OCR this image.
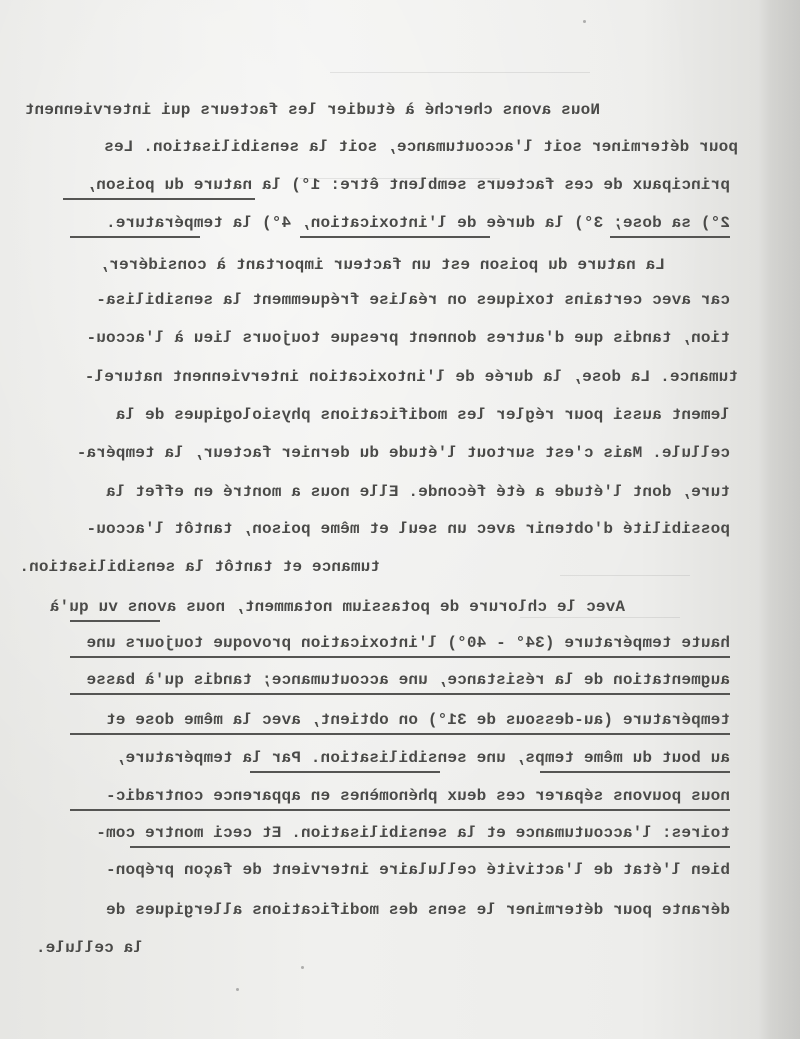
Nous avons cherché à étudier les facteurs qui interviennent

pour déterminer soit l'accoutumance, soit la sensibilisation. Les

principaux de ces facteurs semblent être: 1°) la nature du poison,

2°) sa dose; 3°) la durée de l'intoxication, 4°) la température.

La nature du poison est un facteur important à considérer,

car avec certains toxiques on réalise fréquemment la sensibilisa-

tion, tandis que d'autres donnent presque toujours lieu à l'accou-

tumance. La dose, la durée de l'intoxication interviennent naturel-

lement aussi pour régler les modifications physiologiques de la

cellule. Mais c'est surtout l'étude du dernier facteur, la tempéra-

ture, dont l'étude a été féconde. Elle nous a montré en effet la

possibilité d'obtenir avec un seul et même poison, tantôt l'accou-

tumance et tantôt la sensibilisation.

Avec le chlorure de potassium notamment, nous avons vu qu'à

haute température (34° - 40°) l'intoxication provoque toujours une

augmentation de la résistance, une accoutumance; tandis qu'à basse

température (au-dessous de 31°) on obtient, avec la même dose et

au bout du même temps, une sensibilisation. Par la température,

nous pouvons séparer ces deux phénomènes en apparence contradic-

toires: l'accoutumance et la sensibilisation. Et ceci montre com-

bien l'état de l'activité cellulaire intervient de façon prépon-

dérante pour déterminer le sens des modifications allergiques de

la cellule.
